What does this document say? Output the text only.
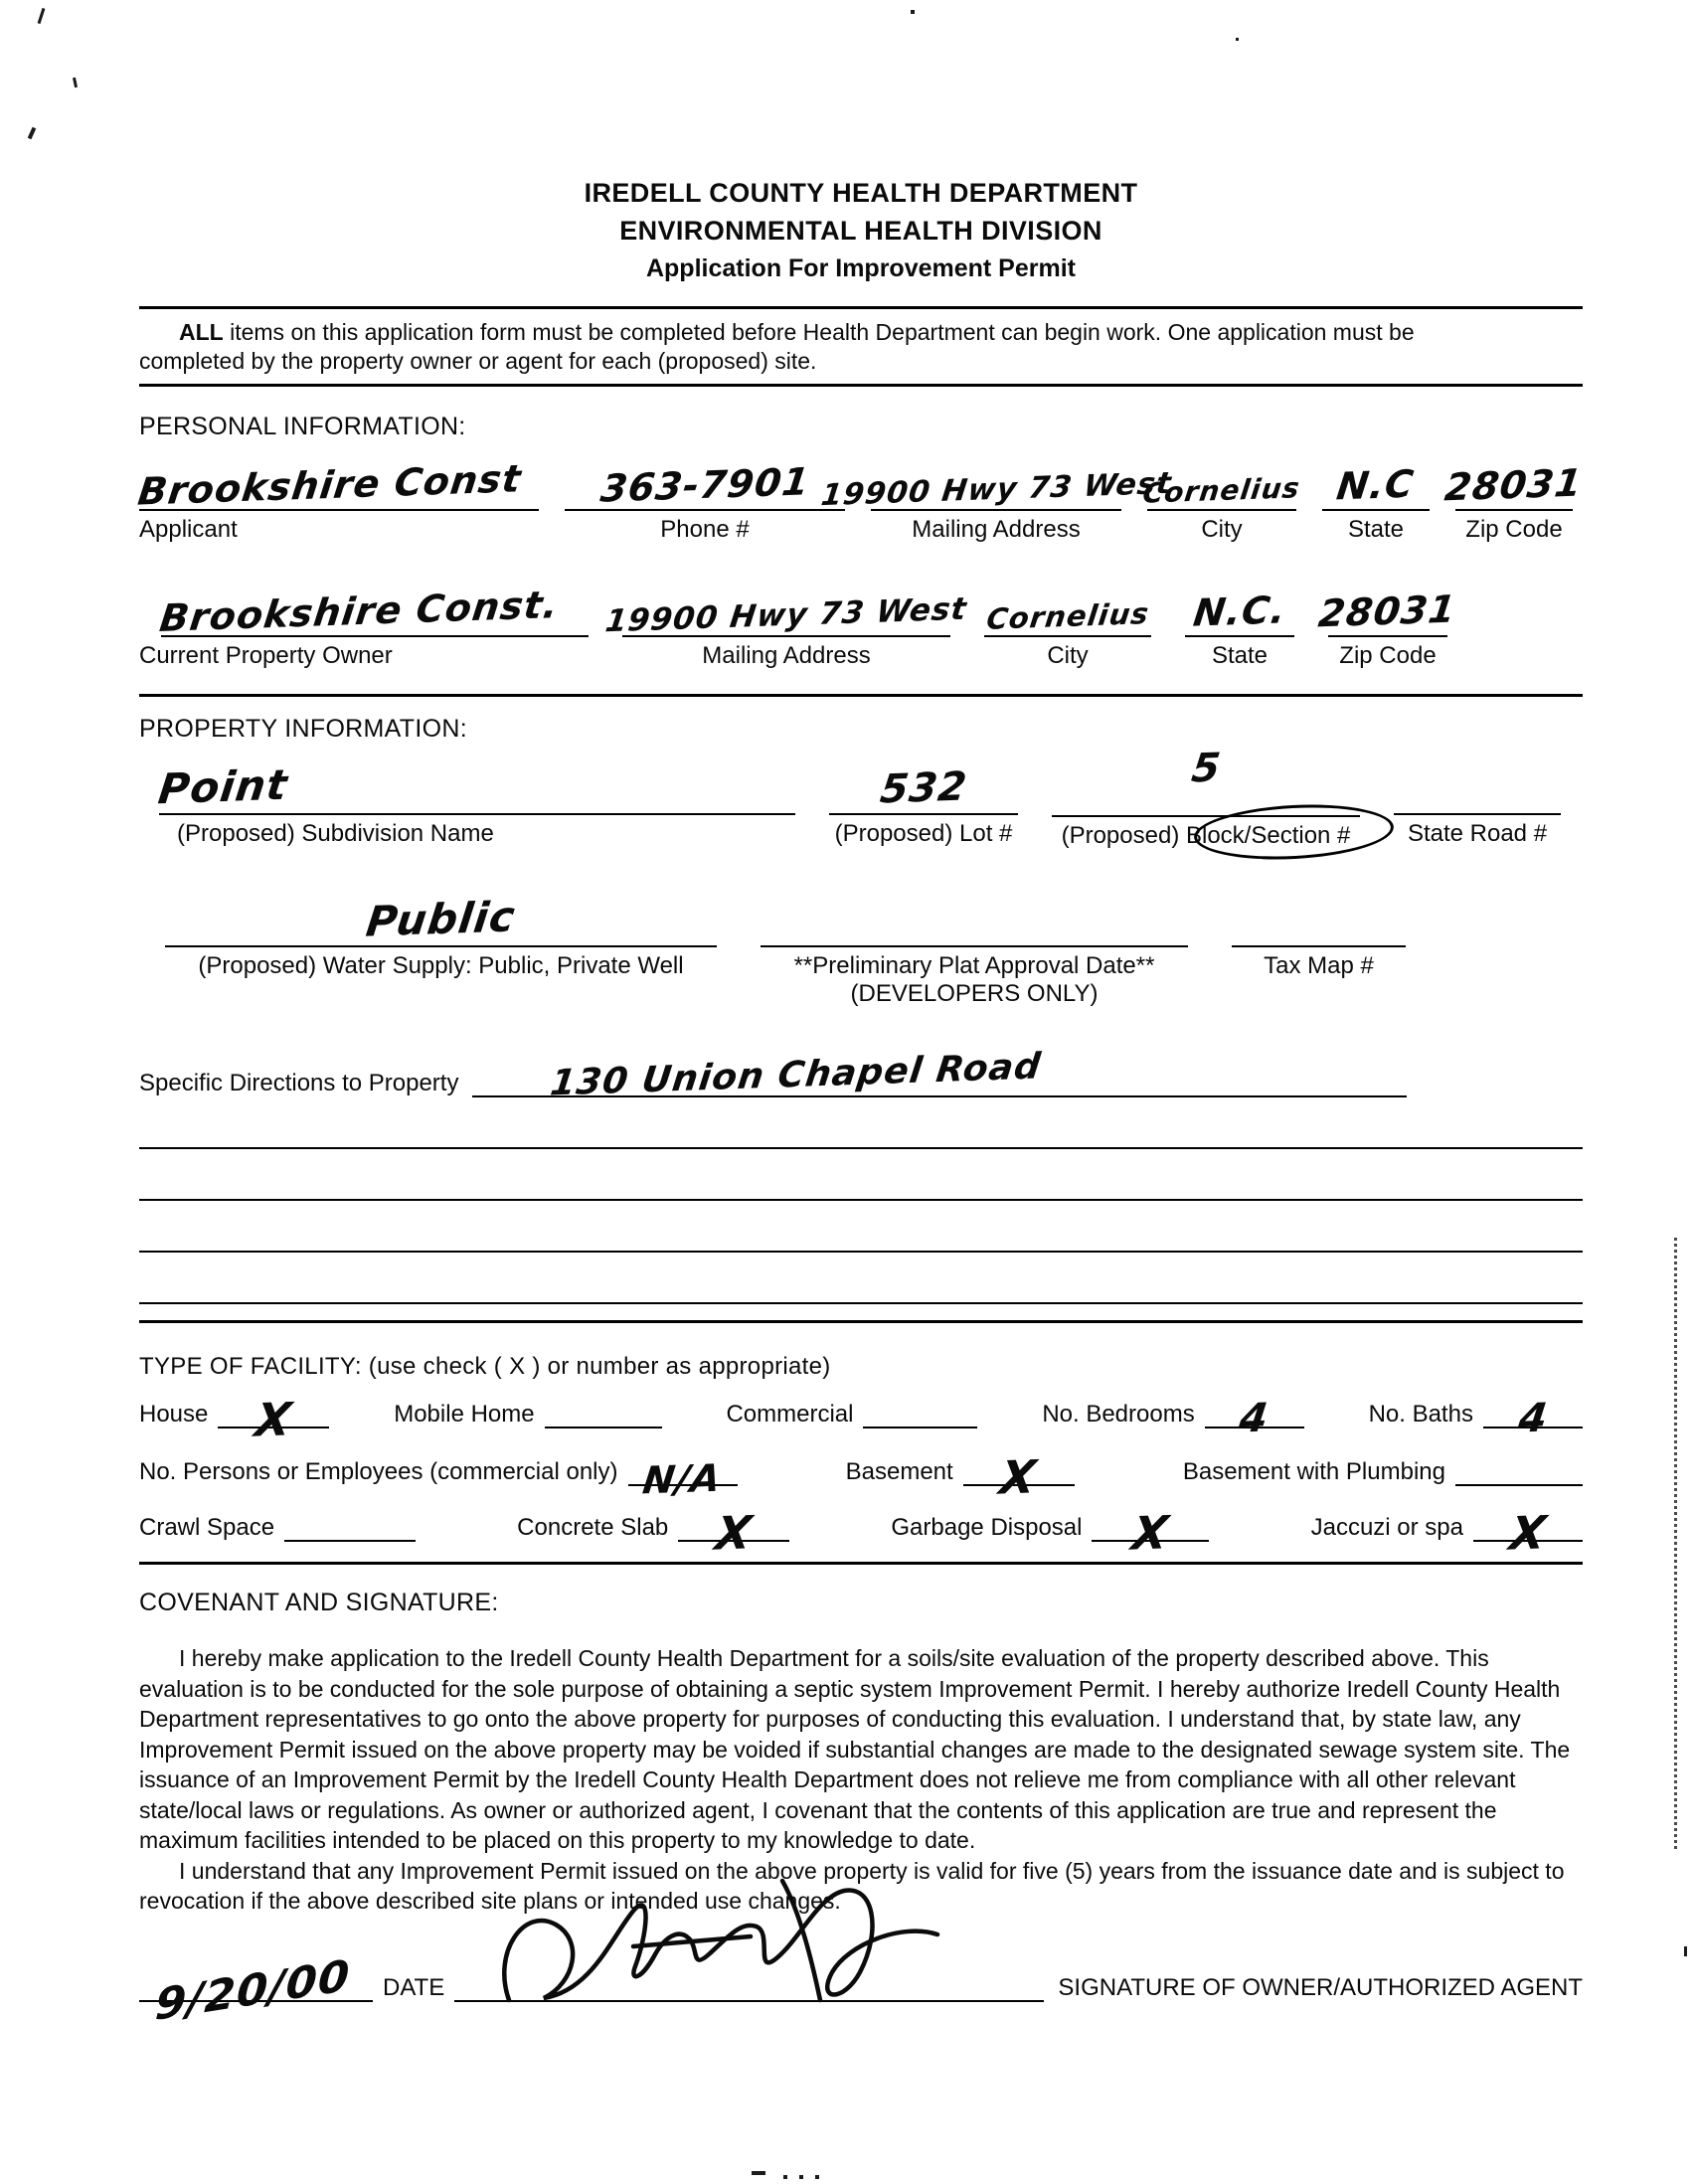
IREDELL COUNTY HEALTH DEPARTMENT
ENVIRONMENTAL HEALTH DIVISION
Application For Improvement Permit

ALL items on this application form must be completed before Health Department can begin work. One application must be completed by the property owner or agent for each (proposed) site.

PERSONAL INFORMATION:
Brookshire Const
Applicant
363-7901
Phone #
19900 Hwy 73 West
Mailing Address
Cornelius
City
N.C
State
28031
Zip Code
Brookshire Const.
Current Property Owner
19900 Hwy 73 West
Mailing Address
Cornelius
City
N.C.
State
28031
Zip Code
PROPERTY INFORMATION:
Point
(Proposed) Subdivision Name
532
(Proposed) Lot #
5
(Proposed) Block/Section #	State Road #
Public
(Proposed) Water Supply: Public, Private Well	**Preliminary Plat Approval Date**
(DEVELOPERS ONLY)
Tax Map #
Specific Directions to Property	130 Union Chapel Road
TYPE OF FACILITY: (use check ( X ) or number as appropriate)
House X	Mobile Home	Commercial	No. Bedrooms 4	No. Baths 4
No. Persons or Employees (commercial only) N/A	Basement X	Basement with Plumbing
Crawl Space	Concrete Slab X	Garbage Disposal X	Jaccuzi or spa X
COVENANT AND SIGNATURE:

I hereby make application to the Iredell County Health Department for a soils/site evaluation of the property described above. This evaluation is to be conducted for the sole purpose of obtaining a septic system Improvement Permit. I hereby authorize Iredell County Health Department representatives to go onto the above property for purposes of conducting this evaluation. I understand that, by state law, any Improvement Permit issued on the above property may be voided if substantial changes are made to the designated sewage system site. The issuance of an Improvement Permit by the Iredell County Health Department does not relieve me from compliance with all other relevant state/local laws or regulations. As owner or authorized agent, I covenant that the contents of this application are true and represent the maximum facilities intended to be placed on this property to my knowledge to date.

I understand that any Improvement Permit issued on the above property is valid for five (5) years from the issuance date and is subject to revocation if the above described site plans or intended use changes.

9/20/00 DATE	SIGNATURE OF OWNER/AUTHORIZED AGENT
